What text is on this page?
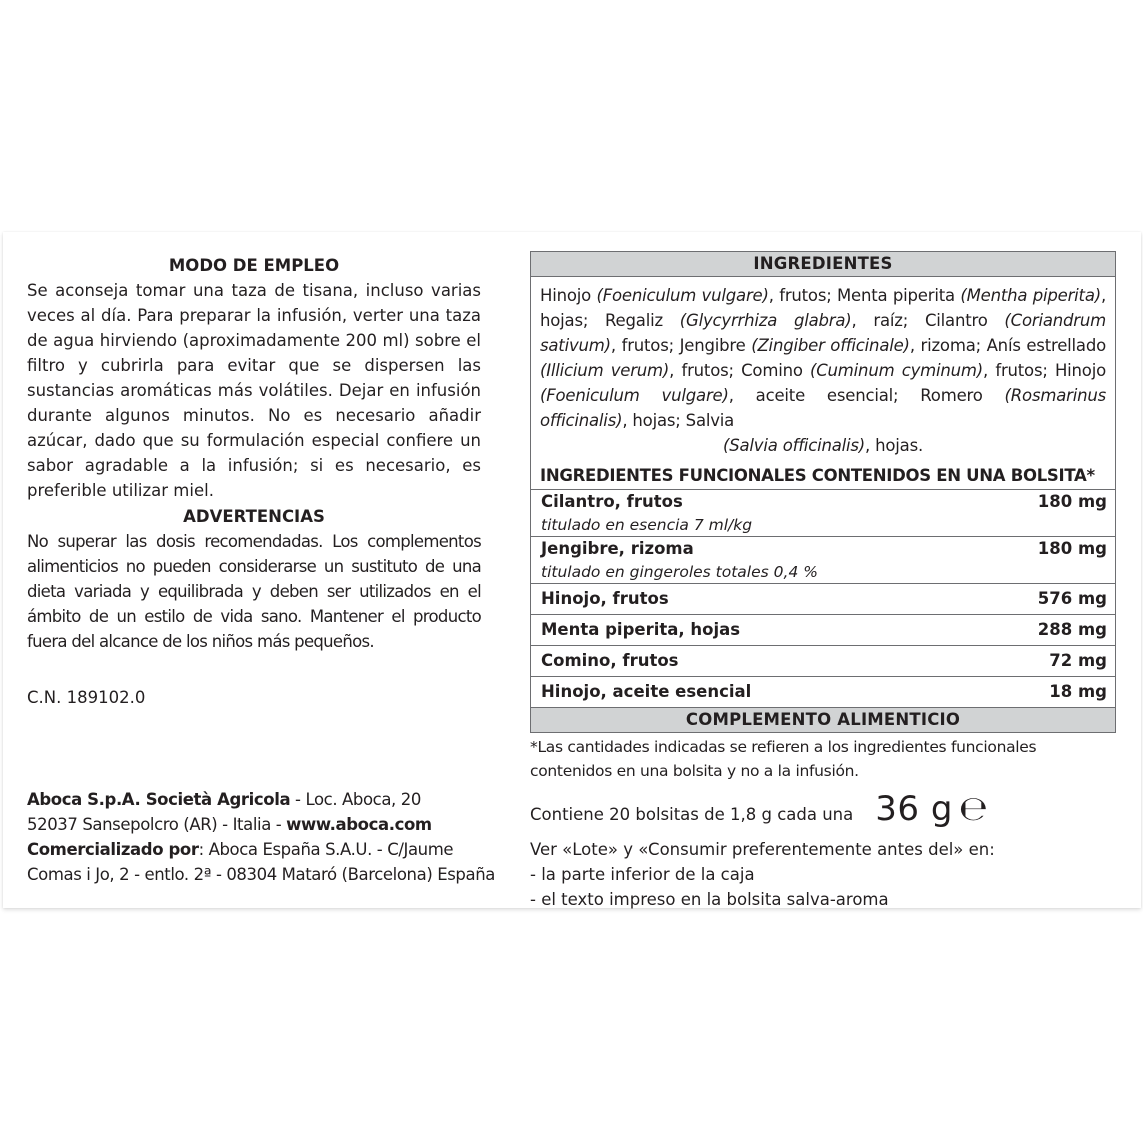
MODO DE EMPLEO
Se aconseja tomar una taza de tisana, incluso varias veces al día. Para preparar la infusión, verter una taza de agua hirviendo (aproximadamente 200 ml) sobre el filtro y cubrirla para evitar que se dispersen las sustancias aromáticas más volátiles. Dejar en infusión durante algunos minutos. No es necesario añadir azúcar, dado que su formulación especial confiere un sabor agradable a la infusión; si es necesario, es preferible utilizar miel.
ADVERTENCIAS
No superar las dosis recomendadas. Los complementos alimenticios no pueden considerarse un sustituto de una dieta variada y equilibrada y deben ser utilizados en el ámbito de un estilo de vida sano. Mantener el producto fuera del alcance de los niños más pequeños.
C.N. 189102.0
Aboca S.p.A. Società Agricola - Loc. Aboca, 20
52037 Sansepolcro (AR) - Italia - www.aboca.com
Comercializado por: Aboca España S.A.U. - C/Jaume
Comas i Jo, 2 - entlo. 2ª - 08304 Mataró (Barcelona) España
INGREDIENTES
Hinojo (Foeniculum vulgare), frutos; Menta piperita (Mentha piperita), hojas; Regaliz (Glycyrrhiza glabra), raíz; Cilantro (Coriandrum sativum), frutos; Jengibre (Zingiber officinale), rizoma; Anís estrellado (Illicium verum), frutos; Comino (Cuminum cyminum), frutos; Hinojo (Foeniculum vulgare), aceite esencial; Romero (Rosmarinus officinalis), hojas; Salvia
(Salvia officinalis), hojas.
INGREDIENTES FUNCIONALES CONTENIDOS EN UNA BOLSITA*
Cilantro, frutos	180 mg
titulado en esencia 7 ml/kg
Jengibre, rizoma	180 mg
titulado en gingeroles totales 0,4 %
Hinojo, frutos	576 mg
Menta piperita, hojas	288 mg
Comino, frutos	72 mg
Hinojo, aceite esencial	18 mg
COMPLEMENTO ALIMENTICIO
*Las cantidades indicadas se refieren a los ingredientes funcionales contenidos en una bolsita y no a la infusión.
Contiene 20 bolsitas de 1,8 g cada una 36 g ℮
Ver «Lote» y «Consumir preferentemente antes del» en:
- la parte inferior de la caja
- el texto impreso en la bolsita salva-aroma
